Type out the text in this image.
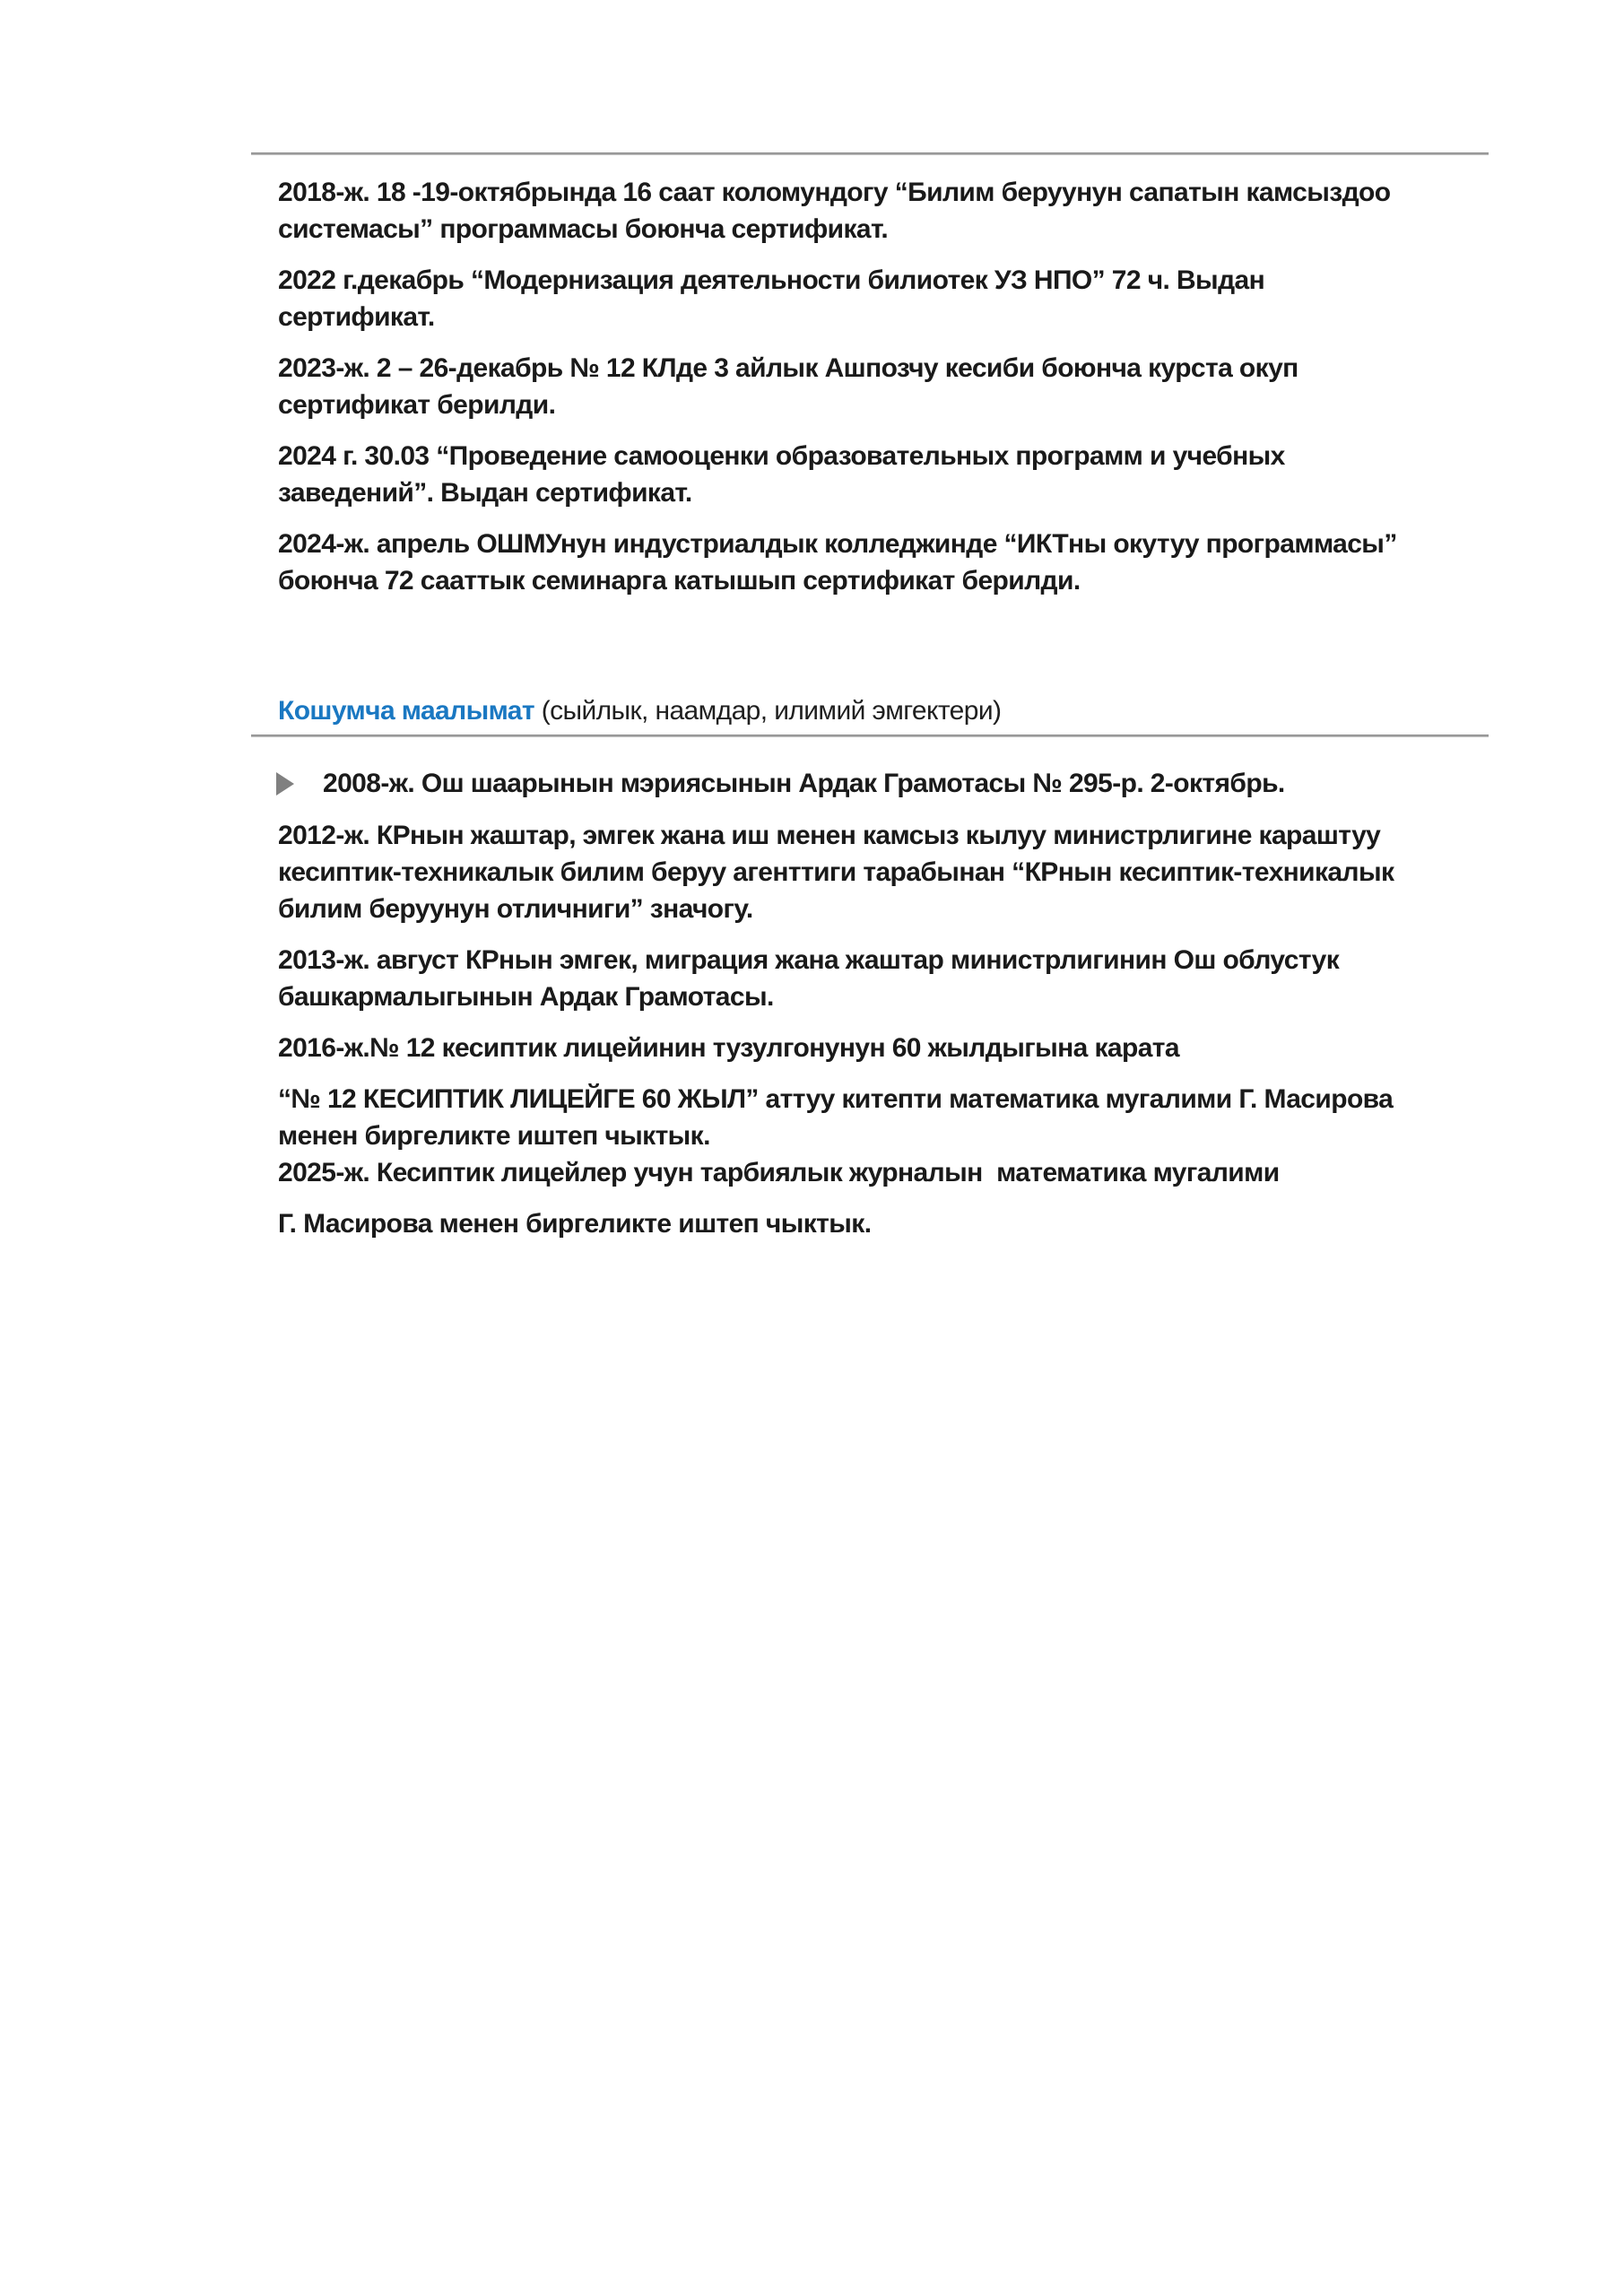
2018-ж. 18 -19-октябрында 16 саат коломундогу “Билим беруунун сапатын камсыздоо
системасы” программасы боюнча сертификат.
2022 г.декабрь “Модернизация деятельности билиотек УЗ НПО” 72 ч. Выдан
сертификат.
2023-ж. 2 – 26-декабрь № 12 КЛде 3 айлык Ашпозчу кесиби боюнча курста окуп
сертификат берилди.
2024 г. 30.03 “Проведение самооценки образовательных программ и учебных
заведений”. Выдан сертификат.
2024-ж. апрель ОШМУнун индустриалдык колледжинде “ИКТны окутуу программасы”
боюнча 72 сааттык семинарга катышып сертификат берилди.
Кошумча маалымат (сыйлык, наамдар, илимий эмгектери)
2008-ж. Ош шаарынын мэриясынын Ардак Грамотасы № 295-р. 2-октябрь.
2012-ж. КРнын жаштар, эмгек жана иш менен камсыз кылуу министрлигине караштуу
кесиптик-техникалык билим беруу агенттиги тарабынан “КРнын кесиптик-техникалык
билим беруунун отличниги” значогу.
2013-ж. август КРнын эмгек, миграция жана жаштар министрлигинин Ош облустук
башкармалыгынын Ардак Грамотасы.
2016-ж.№ 12 кесиптик лицейинин тузулгонунун 60 жылдыгына карата
“№ 12 КЕСИПТИК ЛИЦЕЙГЕ 60 ЖЫЛ” аттуу китепти математика мугалими Г. Масирова
менен биргеликте иштеп чыктык.
2025-ж. Кесиптик лицейлер учун тарбиялык журналын  математика мугалими
Г. Масирова менен биргеликте иштеп чыктык.
